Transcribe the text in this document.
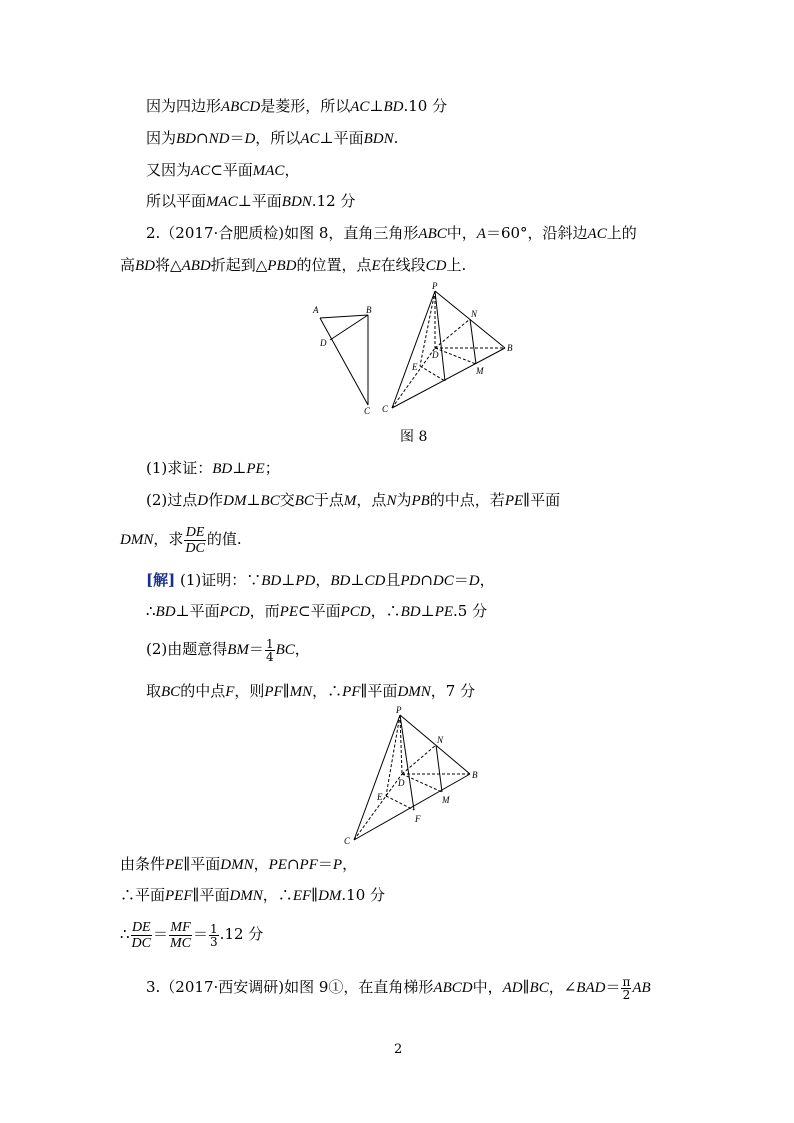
因为四边形ABCD是菱形，所以AC⊥BD.10 分
因为BD∩ND＝D，所以AC⊥平面BDN.
又因为AC⊂平面MAC，
所以平面MAC⊥平面BDN.12 分
2.（2017·合肥质检)如图 8，直角三角形ABC中，A＝60°，沿斜边AC上的
高BD将△ABD折起到△PBD的位置，点E在线段CD上.
A	B
D
C
P
N
D
B
E	M
C
图 8
(1)求证：BD⊥PE；
(2)过点D作DM⊥BC交BC于点M，点N为PB的中点，若PE∥平面
DMN，求 $\frac{DE}{DC}$ 的值.
[解] (1)证明：∵BD⊥PD，BD⊥CD且PD∩DC＝D，
∴BD⊥平面PCD，而PE⊂平面PCD，∴BD⊥PE.5 分
(2)由题意得$BM= \frac{1}{4}$ BC，
取BC的中点F，则PF∥MN，∴PF∥平面DMN，7 分
P
N
D
B
E	M
F
C
由条件PE∥平面DMN，PE∩PF＝P，
∴平面PEF∥平面DMN，∴EF∥DM.10 分
∴ $\frac{DE}{DC} = \frac{MF}{MC} = \frac{1}{3} .12$ 分
3.（2017·西安调研)如图 9①，在直角梯形ABCD中，AD∥BC，∠BAD＝ $\frac{\pi}{2}$ AB
2
